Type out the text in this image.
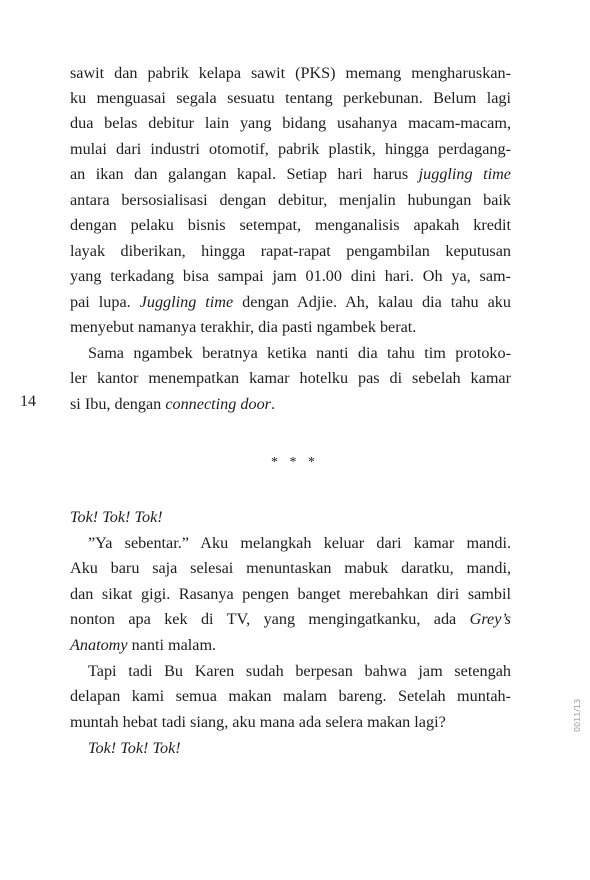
14
* * *
0011/13
sawit dan pabrik kelapa sawit (PKS) memang mengharuskan-
ku menguasai segala sesuatu tentang perkebunan. Belum lagi
dua belas debitur lain yang bidang usahanya macam-macam,
mulai dari industri otomotif, pabrik plastik, hingga perdagang-
an ikan dan galangan kapal. Setiap hari harus juggling time
antara bersosialisasi dengan debitur, menjalin hubungan baik
dengan pelaku bisnis setempat, menganalisis apakah kredit
layak diberikan, hingga rapat-rapat pengambilan keputusan
yang terkadang bisa sampai jam 01.00 dini hari. Oh ya, sam-
pai lupa. Juggling time dengan Adjie. Ah, kalau dia tahu aku
menyebut namanya terakhir, dia pasti ngambek berat.
Sama ngambek beratnya ketika nanti dia tahu tim protoko-
ler kantor menempatkan kamar hotelku pas di sebelah kamar
si Ibu, dengan connecting door.
Tok! Tok! Tok!
”Ya sebentar.” Aku melangkah keluar dari kamar mandi.
Aku baru saja selesai menuntaskan mabuk daratku, mandi,
dan sikat gigi. Rasanya pengen banget merebahkan diri sambil
nonton apa kek di TV, yang mengingatkanku, ada Grey’s
Anatomy nanti malam.
Tapi tadi Bu Karen sudah berpesan bahwa jam setengah
delapan kami semua makan malam bareng. Setelah muntah-
muntah hebat tadi siang, aku mana ada selera makan lagi?
Tok! Tok! Tok!
